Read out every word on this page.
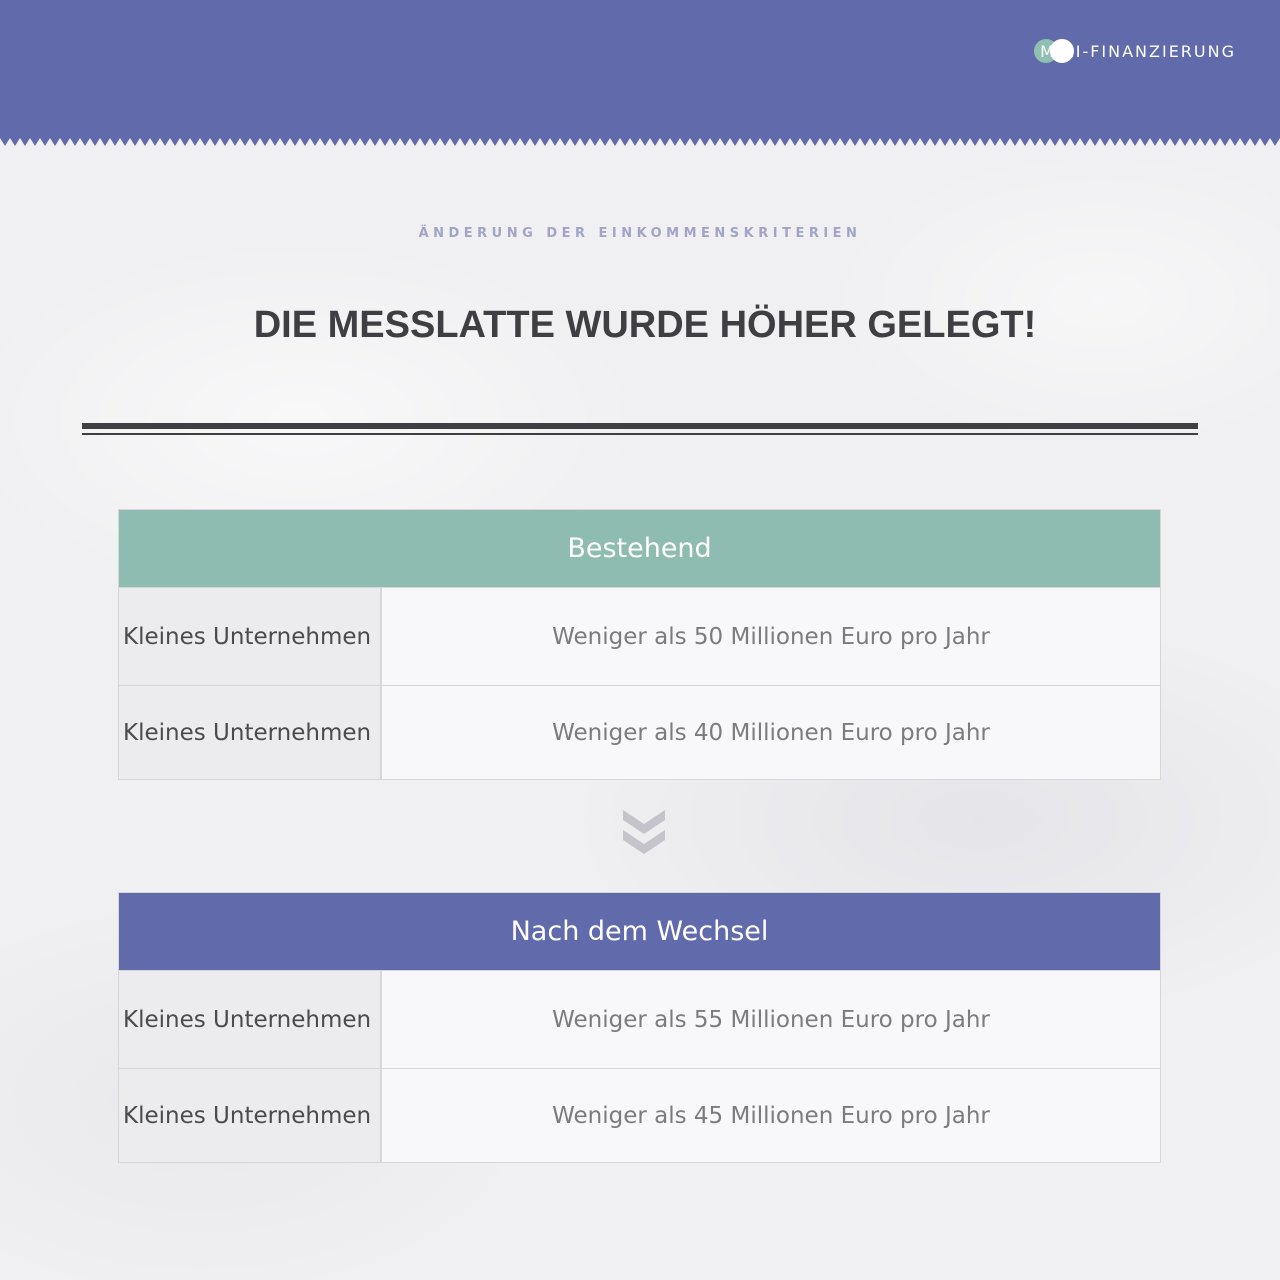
MIRI-FINANZIERUNG
ÄNDERUNG DER EINKOMMENSKRITERIEN
DIE MESSLATTE WURDE HÖHER GELEGT!
Bestehend
Kleines Unternehmen	Weniger als 50 Millionen Euro pro Jahr
Kleines Unternehmen	Weniger als 40 Millionen Euro pro Jahr
Nach dem Wechsel
Kleines Unternehmen	Weniger als 55 Millionen Euro pro Jahr
Kleines Unternehmen	Weniger als 45 Millionen Euro pro Jahr
